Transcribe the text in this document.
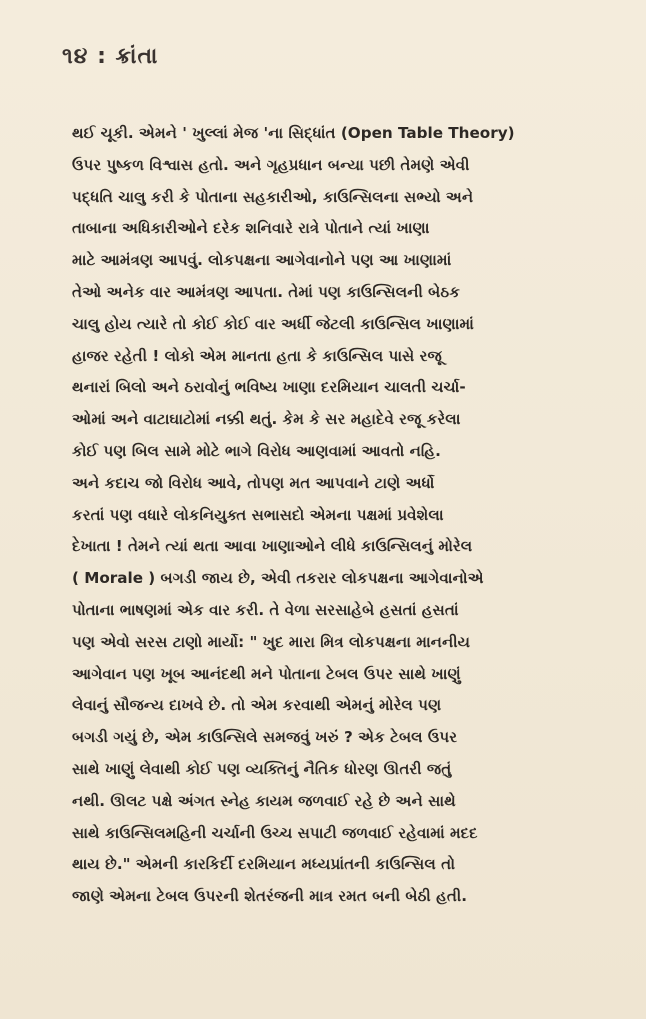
૧૪ : ક્રાંતા
થઈ ચૂકી. એમને ' ખુલ્લાં મેજ 'ના સિદ્ધાંત (Open Table Theory)
ઉપર પુષ્કળ વિશ્વાસ હતો. અને ગૃહપ્રધાન બન્યા પછી તેમણે એવી
પદ્ધતિ ચાલુ કરી કે પોતાના સહકારીઓ, કાઉન્સિલના સભ્યો અને
તાબાના અધિકારીઓને દરેક શનિવારે રાત્રે પોતાને ત્યાં ખાણા
માટે આમંત્રણ આપવું. લોકપક્ષના આગેવાનોને પણ આ ખાણામાં
તેઓ અનેક વાર આમંત્રણ આપતા. તેમાં પણ કાઉન્સિલની બેઠક
ચાલુ હોય ત્યારે તો કોઈ કોઈ વાર અર્ધી જેટલી કાઉન્સિલ ખાણામાં
હાજર રહેતી ! લોકો એમ માનતા હતા કે કાઉન્સિલ પાસે રજૂ
થનારાં બિલો અને ઠરાવોનું ભવિષ્ય ખાણા દરમિયાન ચાલતી ચર્ચા-
ઓમાં અને વાટાઘાટોમાં નક્કી થતું. કેમ કે સર મહાદેવે રજૂ કરેલા
કોઈ પણ બિલ સામે મોટે ભાગે વિરોધ આણવામાં આવતો નહિ.
અને કદાચ જો વિરોધ આવે, તોપણ મત આપવાને ટાણે અર્ધો
કરતાં પણ વધારે લોકનિયુક્ત સભાસદો એમના પક્ષમાં પ્રવેશેલા
દેખાતા ! તેમને ત્યાં થતા આવા ખાણાઓને લીધે કાઉન્સિલનું મોરેલ
( Morale ) બગડી જાય છે, એવી તકરાર લોકપક્ષના આગેવાનોએ
પોતાના ભાષણમાં એક વાર કરી. તે વેળા સરસાહેબે હસતાં હસતાં
પણ એવો સરસ ટાણો માર્યો: " ખુદ મારા મિત્ર લોકપક્ષના માનનીય
આગેવાન પણ ખૂબ આનંદથી મને પોતાના ટેબલ ઉપર સાથે ખાણું
લેવાનું સૌજન્ય દાખવે છે. તો એમ કરવાથી એમનું મોરેલ પણ
બગડી ગયું છે, એમ કાઉન્સિલે સમજવું ખરું ? એક ટેબલ ઉપર
સાથે ખાણું લેવાથી કોઈ પણ વ્યક્તિનું નૈતિક ધોરણ ઊતરી જતું
નથી. ઊલટ પક્ષે અંગત સ્નેહ કાયમ જળવાઈ રહે છે અને સાથે
સાથે કાઉન્સિલમહિની ચર્ચાની ઉચ્ચ સપાટી જળવાઈ રહેવામાં મદદ
થાય છે." એમની કારકિર્દી દરમિયાન મધ્યપ્રાંતની કાઉન્સિલ તો
જાણે એમના ટેબલ ઉપરની શેતરંજની માત્ર રમત બની બેઠી હતી.
